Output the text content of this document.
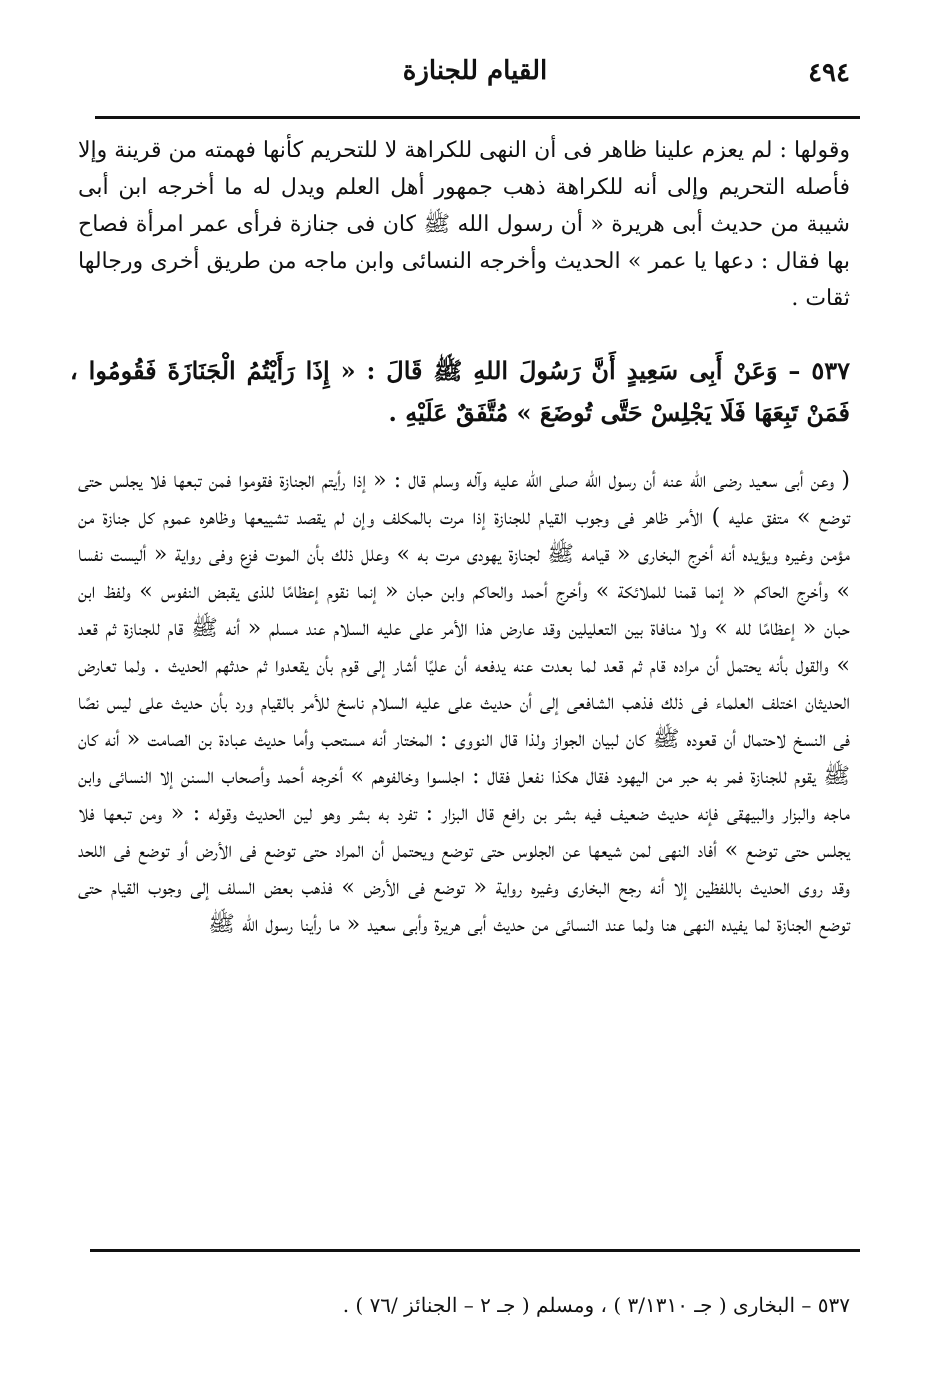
٤٩٤
القيام للجنازة

وقولها : لم يعزم علينا ظاهر فى أن النهى للكراهة لا للتحريم كأنها فهمته من قرينة وإلا فأصله التحريم وإلى أنه للكراهة ذهب جمهور أهل العلم ويدل له ما أخرجه ابن أبى شيبة من حديث أبى هريرة « أن رسول الله ﷺ كان فى جنازة فرأى عمر امرأة فصاح بها فقال : دعها يا عمر » الحديث وأخرجه النسائى وابن ماجه من طريق أخرى ورجالها ثقات .

٥٣٧ – وَعَنْ أَبِى سَعِيدٍ أَنَّ رَسُولَ اللهِ ﷺ قَالَ : « إِذَا رَأَيْتُمُ الْجَنَازَةَ فَقُومُوا ، فَمَنْ تَبِعَهَا فَلَا يَجْلِسْ حَتَّى تُوضَعَ » مُتَّفَقٌ عَلَيْهِ .

( وعن أبى سعيد رضى الله عنه أن رسول الله صلى الله عليه وآله وسلم قال : « إذا رأيتم الجنازة فقوموا فمن تبعها فلا يجلس حتى توضع » متفق عليه ) الأمر ظاهر فى وجوب القيام للجنازة إذا مرت بالمكلف وإن لم يقصد تشييعها وظاهره عموم كل جنازة من مؤمن وغيره ويؤيده أنه أخرج البخارى « قيامه ﷺ لجنازة يهودى مرت به » وعلل ذلك بأن الموت فزع وفى رواية « أليست نفسا » وأخرج الحاكم « إنما قمنا للملائكة » وأخرج أحمد والحاكم وابن حبان « إنما نقوم إعظامًا للذى يقبض النفوس » ولفظ ابن حبان « إعظامًا لله » ولا منافاة بين التعليلين وقد عارض هذا الأمر على عليه السلام عند مسلم « أنه ﷺ قام للجنازة ثم قعد » والقول بأنه يحتمل أن مراده قام ثم قعد لما بعدت عنه يدفعه أن عليًا أشار إلى قوم بأن يقعدوا ثم حدثهم الحديث . ولما تعارض الحديثان اختلف العلماء فى ذلك فذهب الشافعى إلى أن حديث على عليه السلام ناسخ للأمر بالقيام ورد بأن حديث على ليس نصًا فى النسخ لاحتمال أن قعوده ﷺ كان لبيان الجواز ولذا قال النووى : المختار أنه مستحب وأما حديث عبادة بن الصامت « أنه كان ﷺ يقوم للجنازة فمر به حبر من اليهود فقال هكذا نفعل فقال : اجلسوا وخالفوهم » أخرجه أحمد وأصحاب السنن إلا النسائى وابن ماجه والبزار والبيهقى فإنه حديث ضعيف فيه بشر بن رافع قال البزار : تفرد به بشر وهو لين الحديث وقوله : « ومن تبعها فلا يجلس حتى توضع » أفاد النهى لمن شيعها عن الجلوس حتى توضع ويحتمل أن المراد حتى توضع فى الأرض أو توضع فى اللحد وقد روى الحديث باللفظين إلا أنه رجح البخارى وغيره رواية « توضع فى الأرض » فذهب بعض السلف إلى وجوب القيام حتى توضع الجنازة لما يفيده النهى هنا ولما عند النسائى من حديث أبى هريرة وأبى سعيد « ما رأينا رسول الله ﷺ

٥٣٧ – البخارى ( جـ ٣/١٣١٠ ) ، ومسلم ( جـ ٢ – الجنائز /٧٦ ) .
